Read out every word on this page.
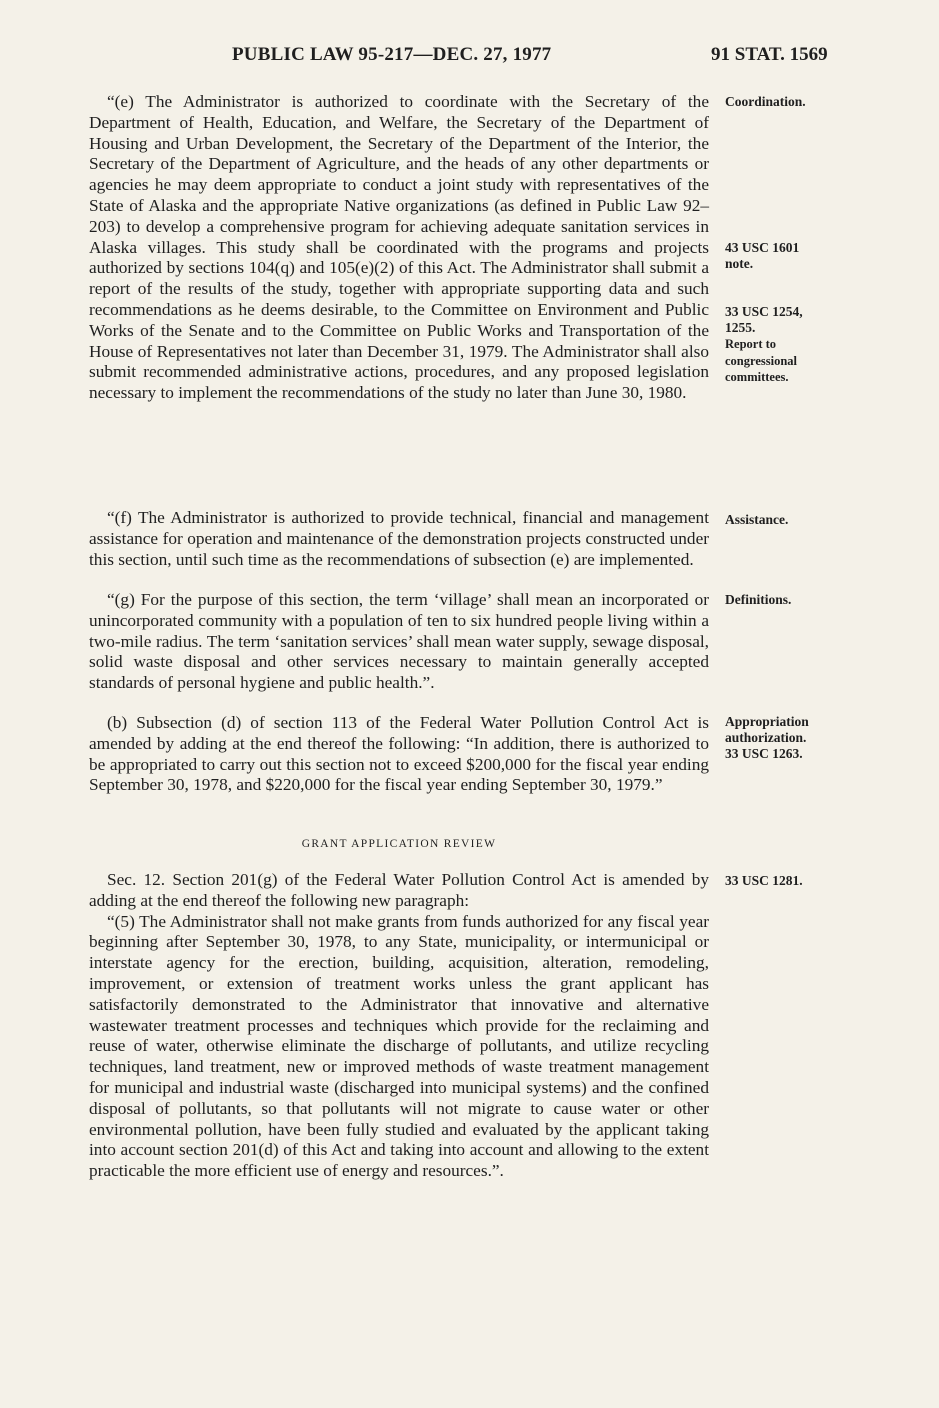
PUBLIC LAW 95-217—DEC. 27, 1977	91 STAT. 1569

“(e) The Administrator is authorized to coordinate with the Secretary of the Department of Health, Education, and Welfare, the Secretary of the Department of Housing and Urban Development, the Secretary of the Department of the Interior, the Secretary of the Department of Agriculture, and the heads of any other departments or agencies he may deem appropriate to conduct a joint study with representatives of the State of Alaska and the appropriate Native organizations (as defined in Public Law 92–203) to develop a comprehensive program for achieving adequate sanitation services in Alaska villages. This study shall be coordinated with the programs and projects authorized by sections 104(q) and 105(e)(2) of this Act. The Administrator shall submit a report of the results of the study, together with appropriate supporting data and such recommendations as he deems desirable, to the Committee on Environment and Public Works of the Senate and to the Committee on Public Works and Transportation of the House of Representatives not later than December 31, 1979. The Administrator shall also submit recommended administrative actions, procedures, and any proposed legislation necessary to implement the recommendations of the study no later than June 30, 1980.

“(f) The Administrator is authorized to provide technical, financial and management assistance for operation and maintenance of the demonstration projects constructed under this section, until such time as the recommendations of subsection (e) are implemented.

“(g) For the purpose of this section, the term ‘village’ shall mean an incorporated or unincorporated community with a population of ten to six hundred people living within a two-mile radius. The term ‘sanitation services’ shall mean water supply, sewage disposal, solid waste disposal and other services necessary to maintain generally accepted standards of personal hygiene and public health.”.

(b) Subsection (d) of section 113 of the Federal Water Pollution Control Act is amended by adding at the end thereof the following: “In addition, there is authorized to be appropriated to carry out this section not to exceed $200,000 for the fiscal year ending September 30, 1978, and $220,000 for the fiscal year ending September 30, 1979.”

GRANT APPLICATION REVIEW

Sec. 12. Section 201(g) of the Federal Water Pollution Control Act is amended by adding at the end thereof the following new paragraph:

“(5) The Administrator shall not make grants from funds authorized for any fiscal year beginning after September 30, 1978, to any State, municipality, or intermunicipal or interstate agency for the erection, building, acquisition, alteration, remodeling, improvement, or extension of treatment works unless the grant applicant has satisfactorily demonstrated to the Administrator that innovative and alternative wastewater treatment processes and techniques which provide for the reclaiming and reuse of water, otherwise eliminate the discharge of pollutants, and utilize recycling techniques, land treatment, new or improved methods of waste treatment management for municipal and industrial waste (discharged into municipal systems) and the confined disposal of pollutants, so that pollutants will not migrate to cause water or other environmental pollution, have been fully studied and evaluated by the applicant taking into account section 201(d) of this Act and taking into account and allowing to the extent practicable the more efficient use of energy and resources.”.

Coordination.
43 USC 1601
note.
33 USC 1254,
1255.
Report to
congressional
committees.
Assistance.
Definitions.
Appropriation
authorization.
33 USC 1263.
33 USC 1281.
